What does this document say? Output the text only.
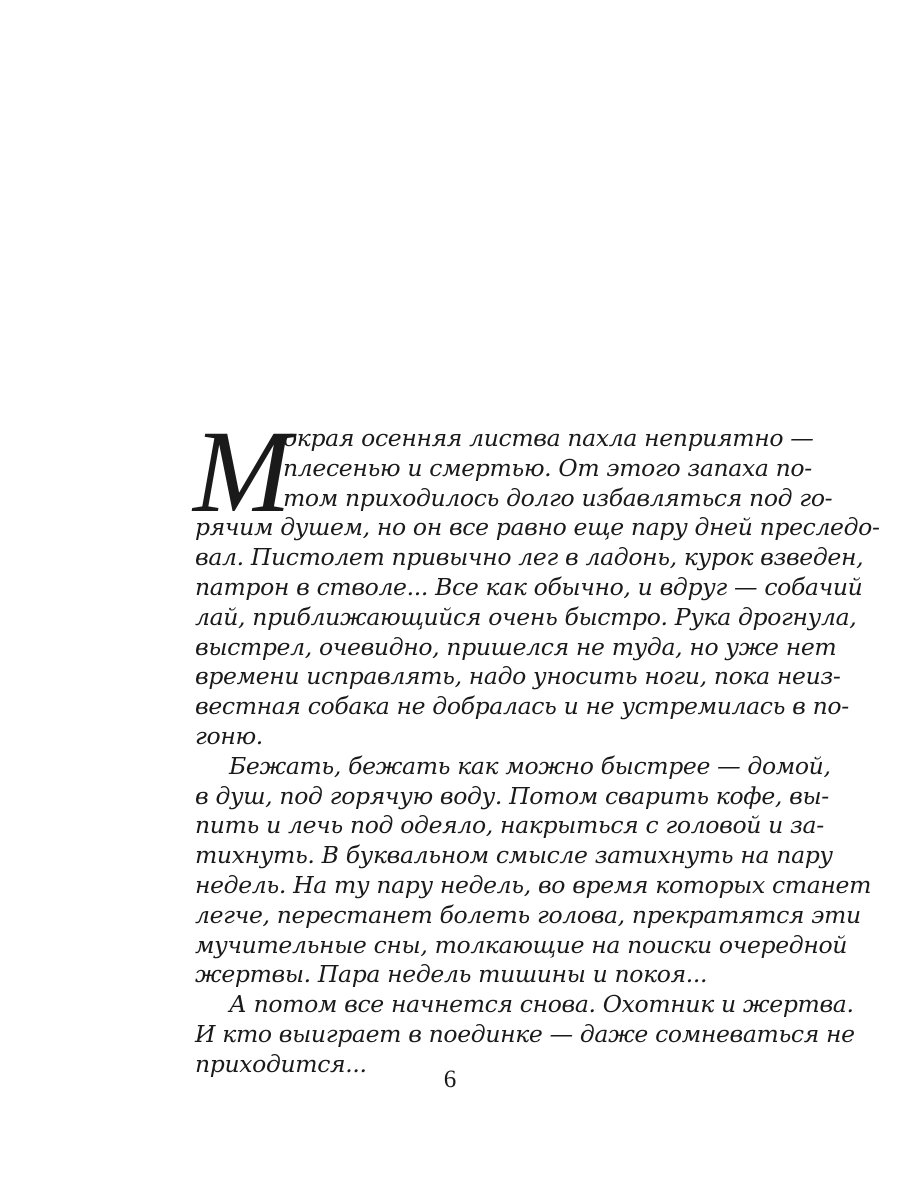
М
окрая осенняя листва пахла неприятно —
плесенью и смертью. От этого запаха по-
том приходилось долго избавляться под го-
рячим душем, но он все равно еще пару дней преследо-
вал. Пистолет привычно лег в ладонь, курок взведен,
патрон в стволе... Все как обычно, и вдруг — собачий
лай, приближающийся очень быстро. Рука дрогнула,
выстрел, очевидно, пришелся не туда, но уже нет
времени исправлять, надо уносить ноги, пока неиз-
вестная собака не добралась и не устремилась в по-
гоню.
Бежать, бежать как можно быстрее — домой,
в душ, под горячую воду. Потом сварить кофе, вы-
пить и лечь под одеяло, накрыться с головой и за-
тихнуть. В буквальном смысле затихнуть на пару
недель. На ту пару недель, во время которых станет
легче, перестанет болеть голова, прекратятся эти
мучительные сны, толкающие на поиски очередной
жертвы. Пара недель тишины и покоя...
А потом все начнется снова. Охотник и жертва.
И кто выиграет в поединке — даже сомневаться не
приходится...
6
